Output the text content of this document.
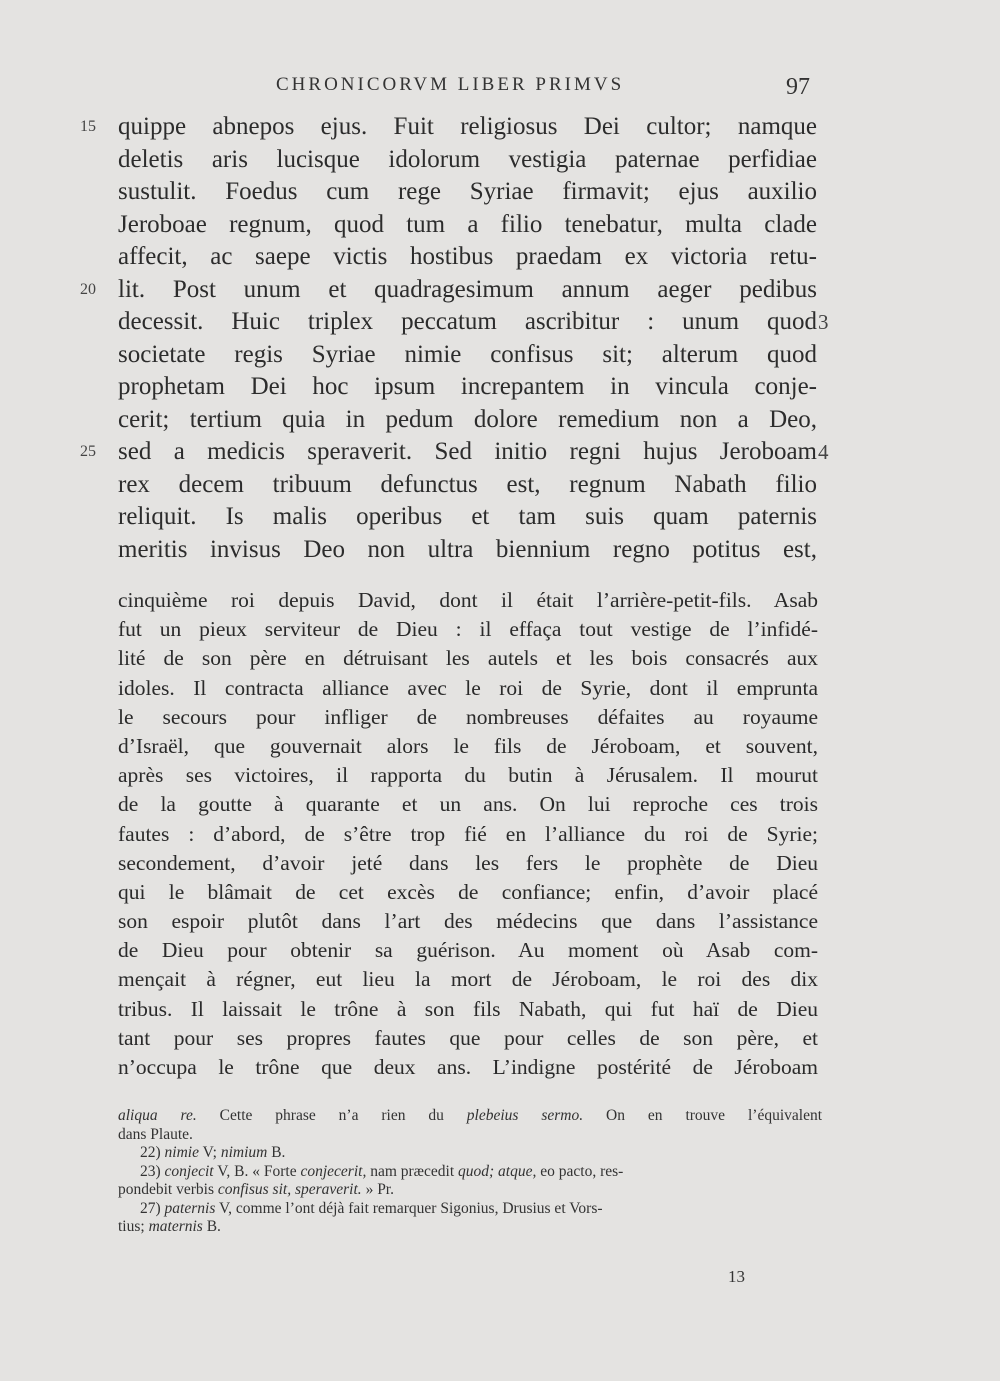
CHRONICORVM LIBER PRIMVS	97
15 quippe abnepos ejus. Fuit religiosus Dei cultor; namque
deletis aris lucisque idolorum vestigia paternae perfidiae
sustulit. Foedus cum rege Syriae firmavit; ejus auxilio
Jeroboae regnum, quod tum a filio tenebatur, multa clade
affecit, ac saepe victis hostibus praedam ex victoria retu-
20 lit. Post unum et quadragesimum annum aeger pedibus
decessit. Huic triplex peccatum ascribitur : unum quod 3
societate regis Syriae nimie confisus sit; alterum quod
prophetam Dei hoc ipsum increpantem in vincula conje-
cerit; tertium quia in pedum dolore remedium non a Deo,
25 sed a medicis speraverit. Sed initio regni hujus Jeroboam 4
rex decem tribuum defunctus est, regnum Nabath filio
reliquit. Is malis operibus et tam suis quam paternis
meritis invisus Deo non ultra biennium regno potitus est,
cinquième roi depuis David, dont il était l’arrière-petit-fils. Asab
fut un pieux serviteur de Dieu : il effaça tout vestige de l’infidé-
lité de son père en détruisant les autels et les bois consacrés aux
idoles. Il contracta alliance avec le roi de Syrie, dont il emprunta
le secours pour infliger de nombreuses défaites au royaume
d’Israël, que gouvernait alors le fils de Jéroboam, et souvent,
après ses victoires, il rapporta du butin à Jérusalem. Il mourut
de la goutte à quarante et un ans. On lui reproche ces trois
fautes : d’abord, de s’être trop fié en l’alliance du roi de Syrie;
secondement, d’avoir jeté dans les fers le prophète de Dieu
qui le blâmait de cet excès de confiance; enfin, d’avoir placé
son espoir plutôt dans l’art des médecins que dans l’assistance
de Dieu pour obtenir sa guérison. Au moment où Asab com-
mençait à régner, eut lieu la mort de Jéroboam, le roi des dix
tribus. Il laissait le trône à son fils Nabath, qui fut haï de Dieu
tant pour ses propres fautes que pour celles de son père, et
n’occupa le trône que deux ans. L’indigne postérité de Jéroboam
aliqua re. Cette phrase n’a rien du plebeius sermo. On en trouve l’équivalent
dans Plaute.
22) nimie V; nimium B.
23) conjecit V, B. « Forte conjecerit, nam præcedit quod; atque, eo pacto, res-
pondebit verbis confisus sit, speraverit. » Pr.
27) paternis V, comme l’ont déjà fait remarquer Sigonius, Drusius et Vors-
tius; maternis B.
13
